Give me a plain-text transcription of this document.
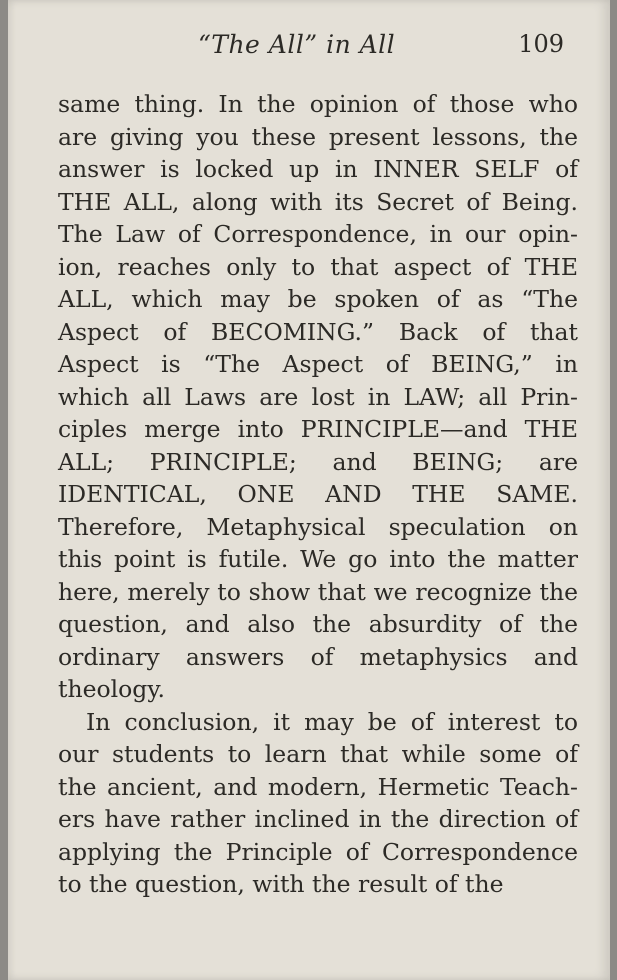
“The All” in All	109
same thing. In the opinion of those who
are giving you these present lessons, the
answer is locked up in INNER SELF of
THE ALL, along with its Secret of Being.
The Law of Correspondence, in our opin-
ion, reaches only to that aspect of THE
ALL, which may be spoken of as “The
Aspect of BECOMING.” Back of that
Aspect is “The Aspect of BEING,” in
which all Laws are lost in LAW; all Prin-
ciples merge into PRINCIPLE—and THE
ALL; PRINCIPLE; and BEING; are
IDENTICAL, ONE AND THE SAME.
Therefore, Metaphysical speculation on
this point is futile. We go into the matter
here, merely to show that we recognize the
question, and also the absurdity of the
ordinary answers of metaphysics and
theology.
In conclusion, it may be of interest to
our students to learn that while some of
the ancient, and modern, Hermetic Teach-
ers have rather inclined in the direction of
applying the Principle of Correspondence
to the question, with the result of the
